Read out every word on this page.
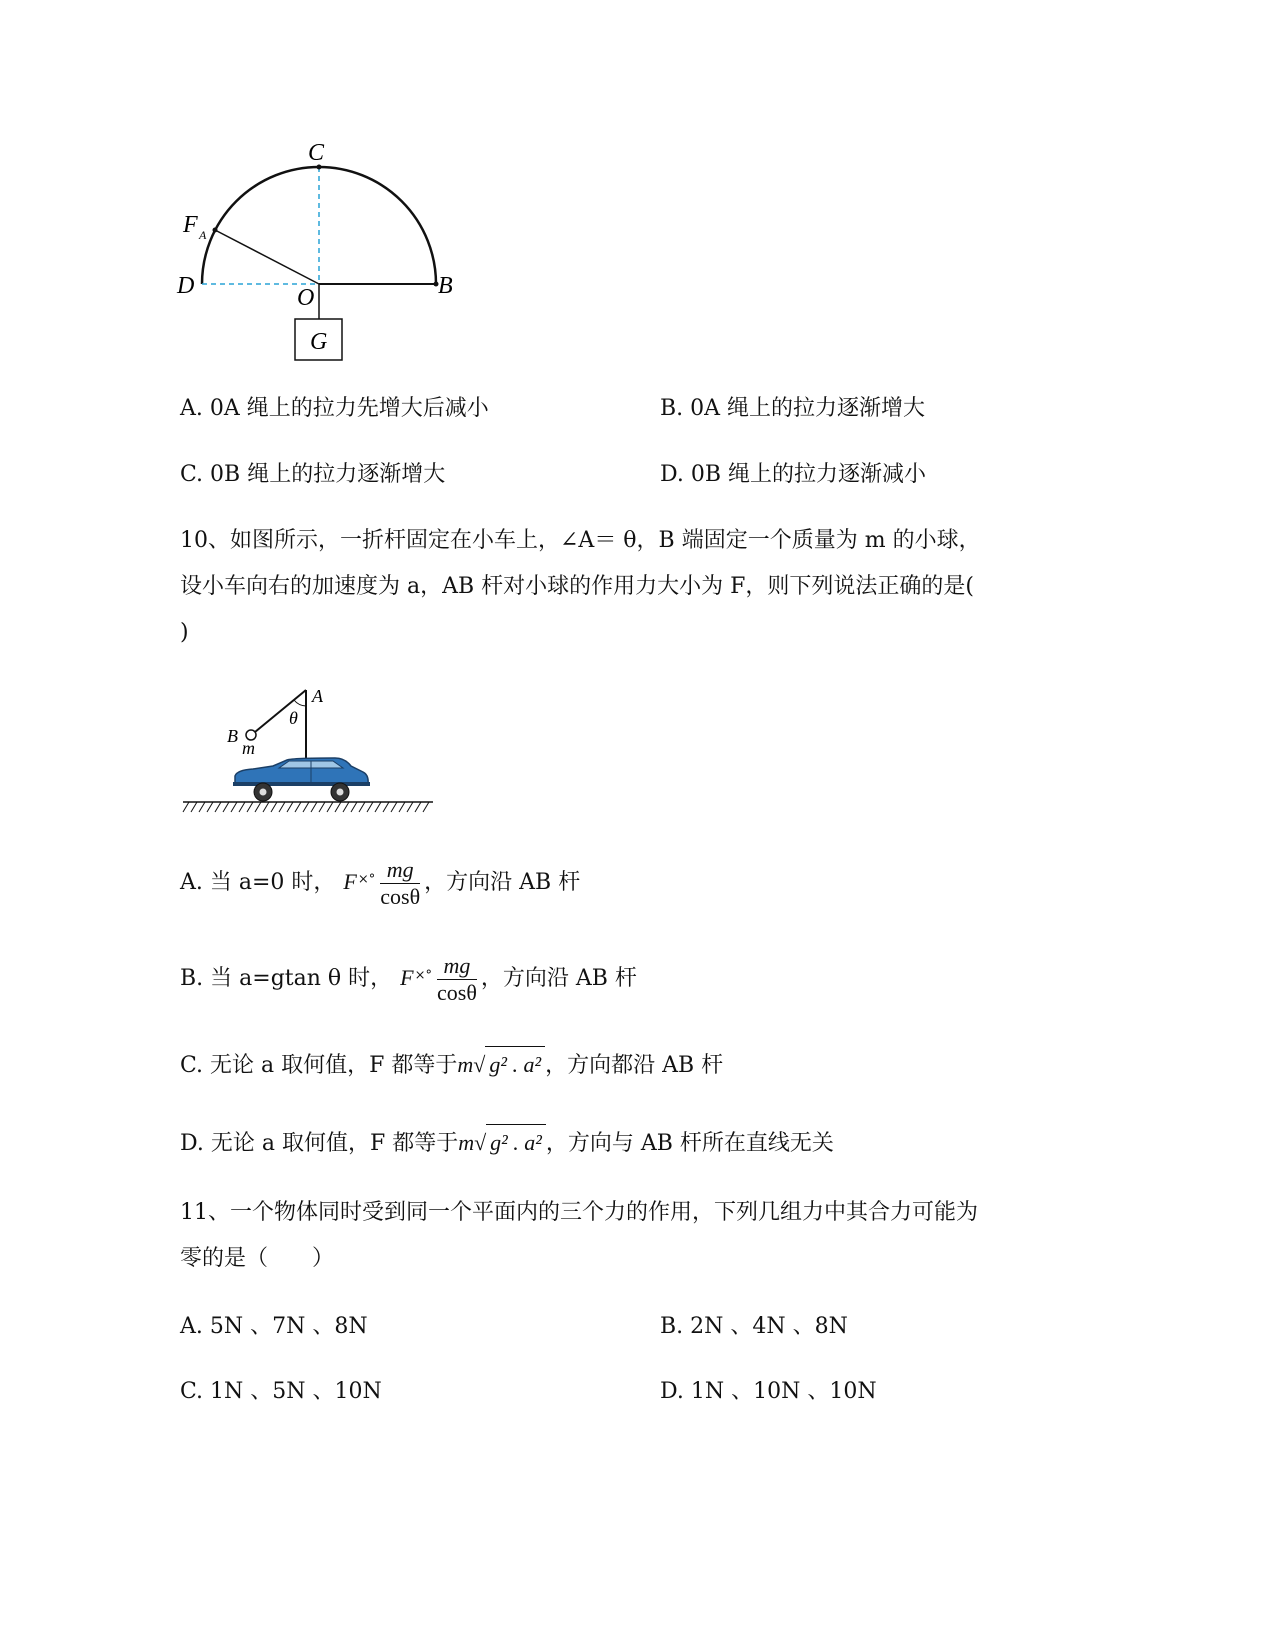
C
F A
D	O	B
G
A. 0A 绳上的拉力先增大后减小	B. 0A 绳上的拉力逐渐增大
C. 0B 绳上的拉力逐渐增大	D. 0B 绳上的拉力逐渐减小
10、如图所示，一折杆固定在小车上，∠A＝ θ，B 端固定一个质量为 m 的小球，
设小车向右的加速度为 a，AB 杆对小球的作用力大小为 F，则下列说法正确的是(
)
A
θ
B
m
A. 当 a=0 时， $F^{\times^\circ} \frac{mg}{\cos\theta}$ ，方向沿 AB 杆
B. 当 a=gtan θ 时， $F^{\times^\circ} \frac{mg}{\cos\theta}$ ，方向沿 AB 杆
C. 无论 a 取何值，F 都等于m√ g² . a² ，方向都沿 AB 杆
D. 无论 a 取何值，F 都等于m√ g² . a² ，方向与 AB 杆所在直线无关
11、一个物体同时受到同一个平面内的三个力的作用，下列几组力中其合力可能为
零的是（　　）
A. 5N 、7N 、8N	B. 2N 、4N 、8N
C. 1N 、5N 、10N	D. 1N 、10N 、10N
